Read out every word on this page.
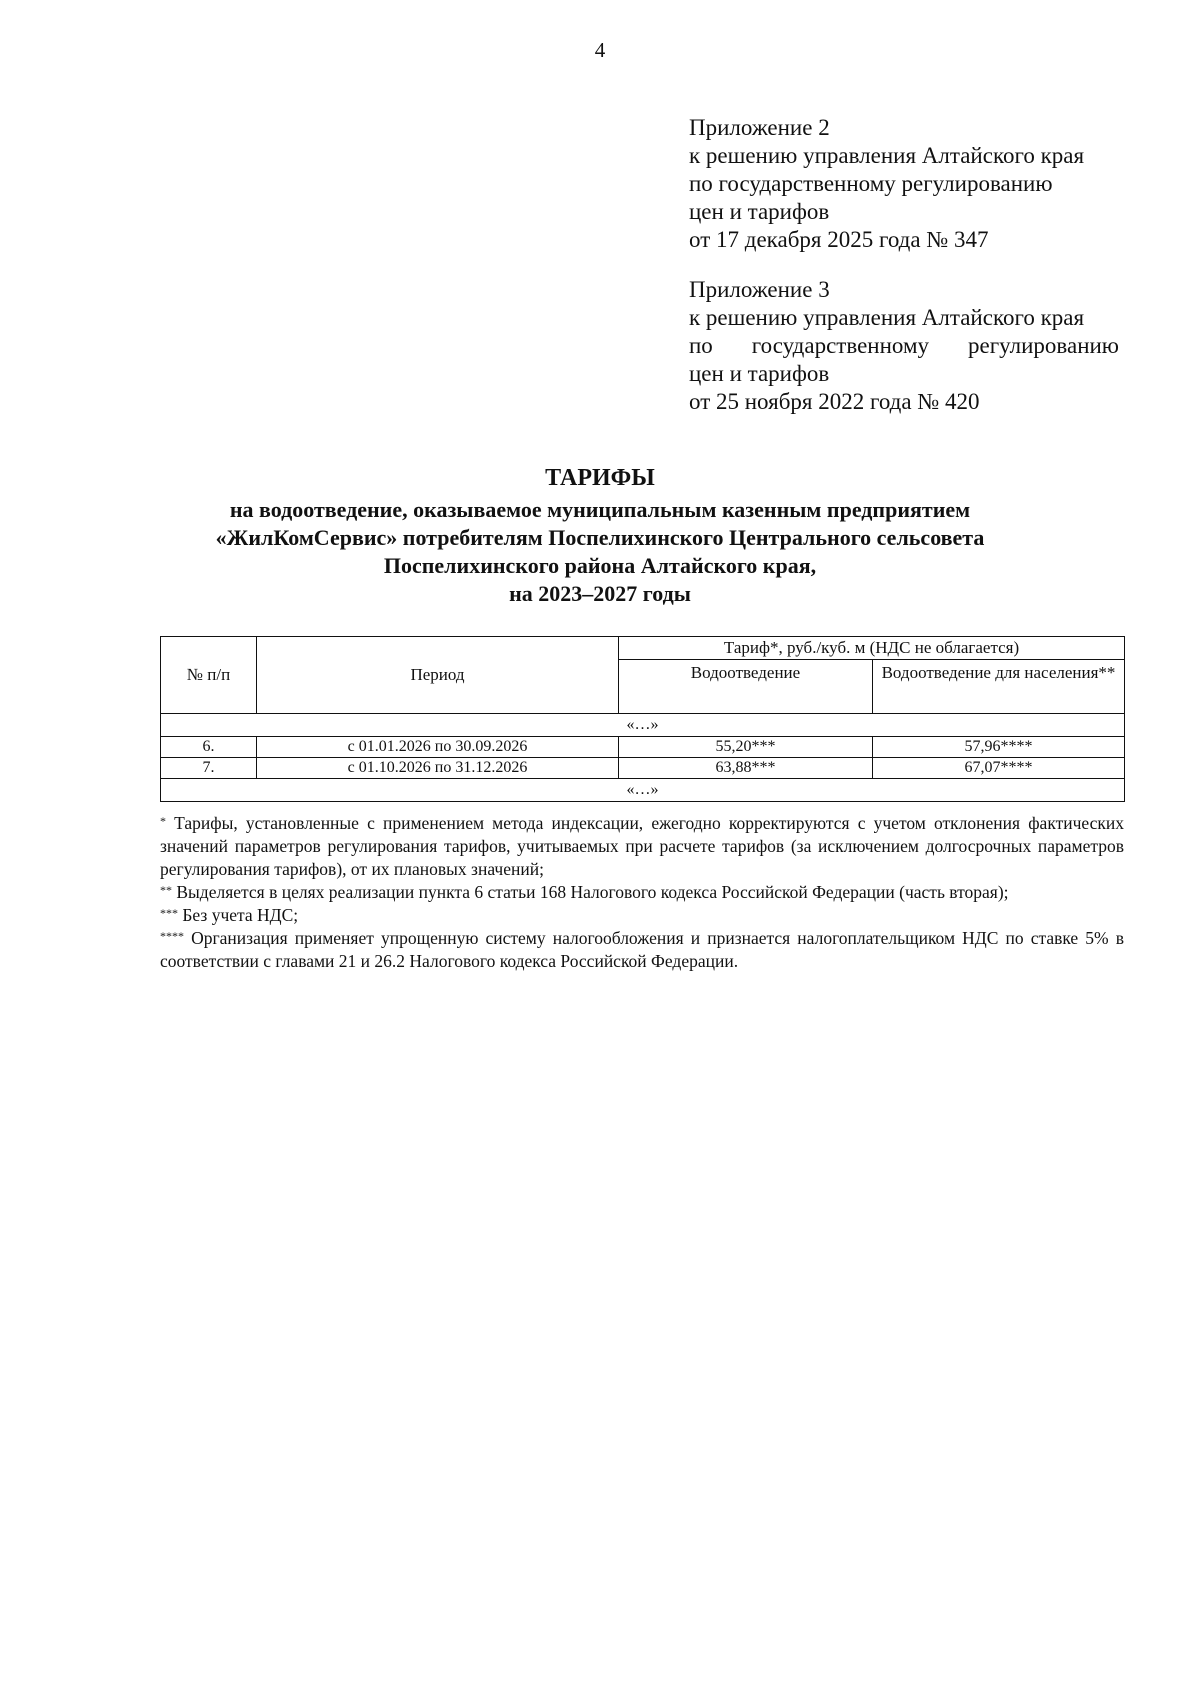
4
Приложение 2
к решению управления Алтайского края
по государственному регулированию
цен и тарифов
от 17 декабря 2025 года № 347
Приложение 3
к решению управления Алтайского края
по государственному регулированию
цен и тарифов
от 25 ноября 2022 года № 420
ТАРИФЫ
на водоотведение, оказываемое муниципальным казенным предприятием
«ЖилКомСервис» потребителям Поспелихинского Центрального сельсовета
Поспелихинского района Алтайского края,
на 2023–2027 годы
№ п/п	Период	Тариф*, руб./куб. м (НДС не облагается)	
		Водоотведение	Водоотведение для населения**
«…»			
6.	с 01.01.2026 по 30.09.2026	55,20***	57,96****
7.	с 01.10.2026 по 31.12.2026	63,88***	67,07****
«…»			

* Тарифы, установленные с применением метода индексации, ежегодно корректируются с учетом отклонения фактических значений параметров регулирования тарифов, учитываемых при расчете тарифов (за исключением долгосрочных параметров регулирования тарифов), от их плановых значений;

** Выделяется в целях реализации пункта 6 статьи 168 Налогового кодекса Российской Федерации (часть вторая);

*** Без учета НДС;

**** Организация применяет упрощенную систему налогообложения и признается налогоплательщиком НДС по ставке 5% в соответствии с главами 21 и 26.2 Налогового кодекса Российской Федерации.
